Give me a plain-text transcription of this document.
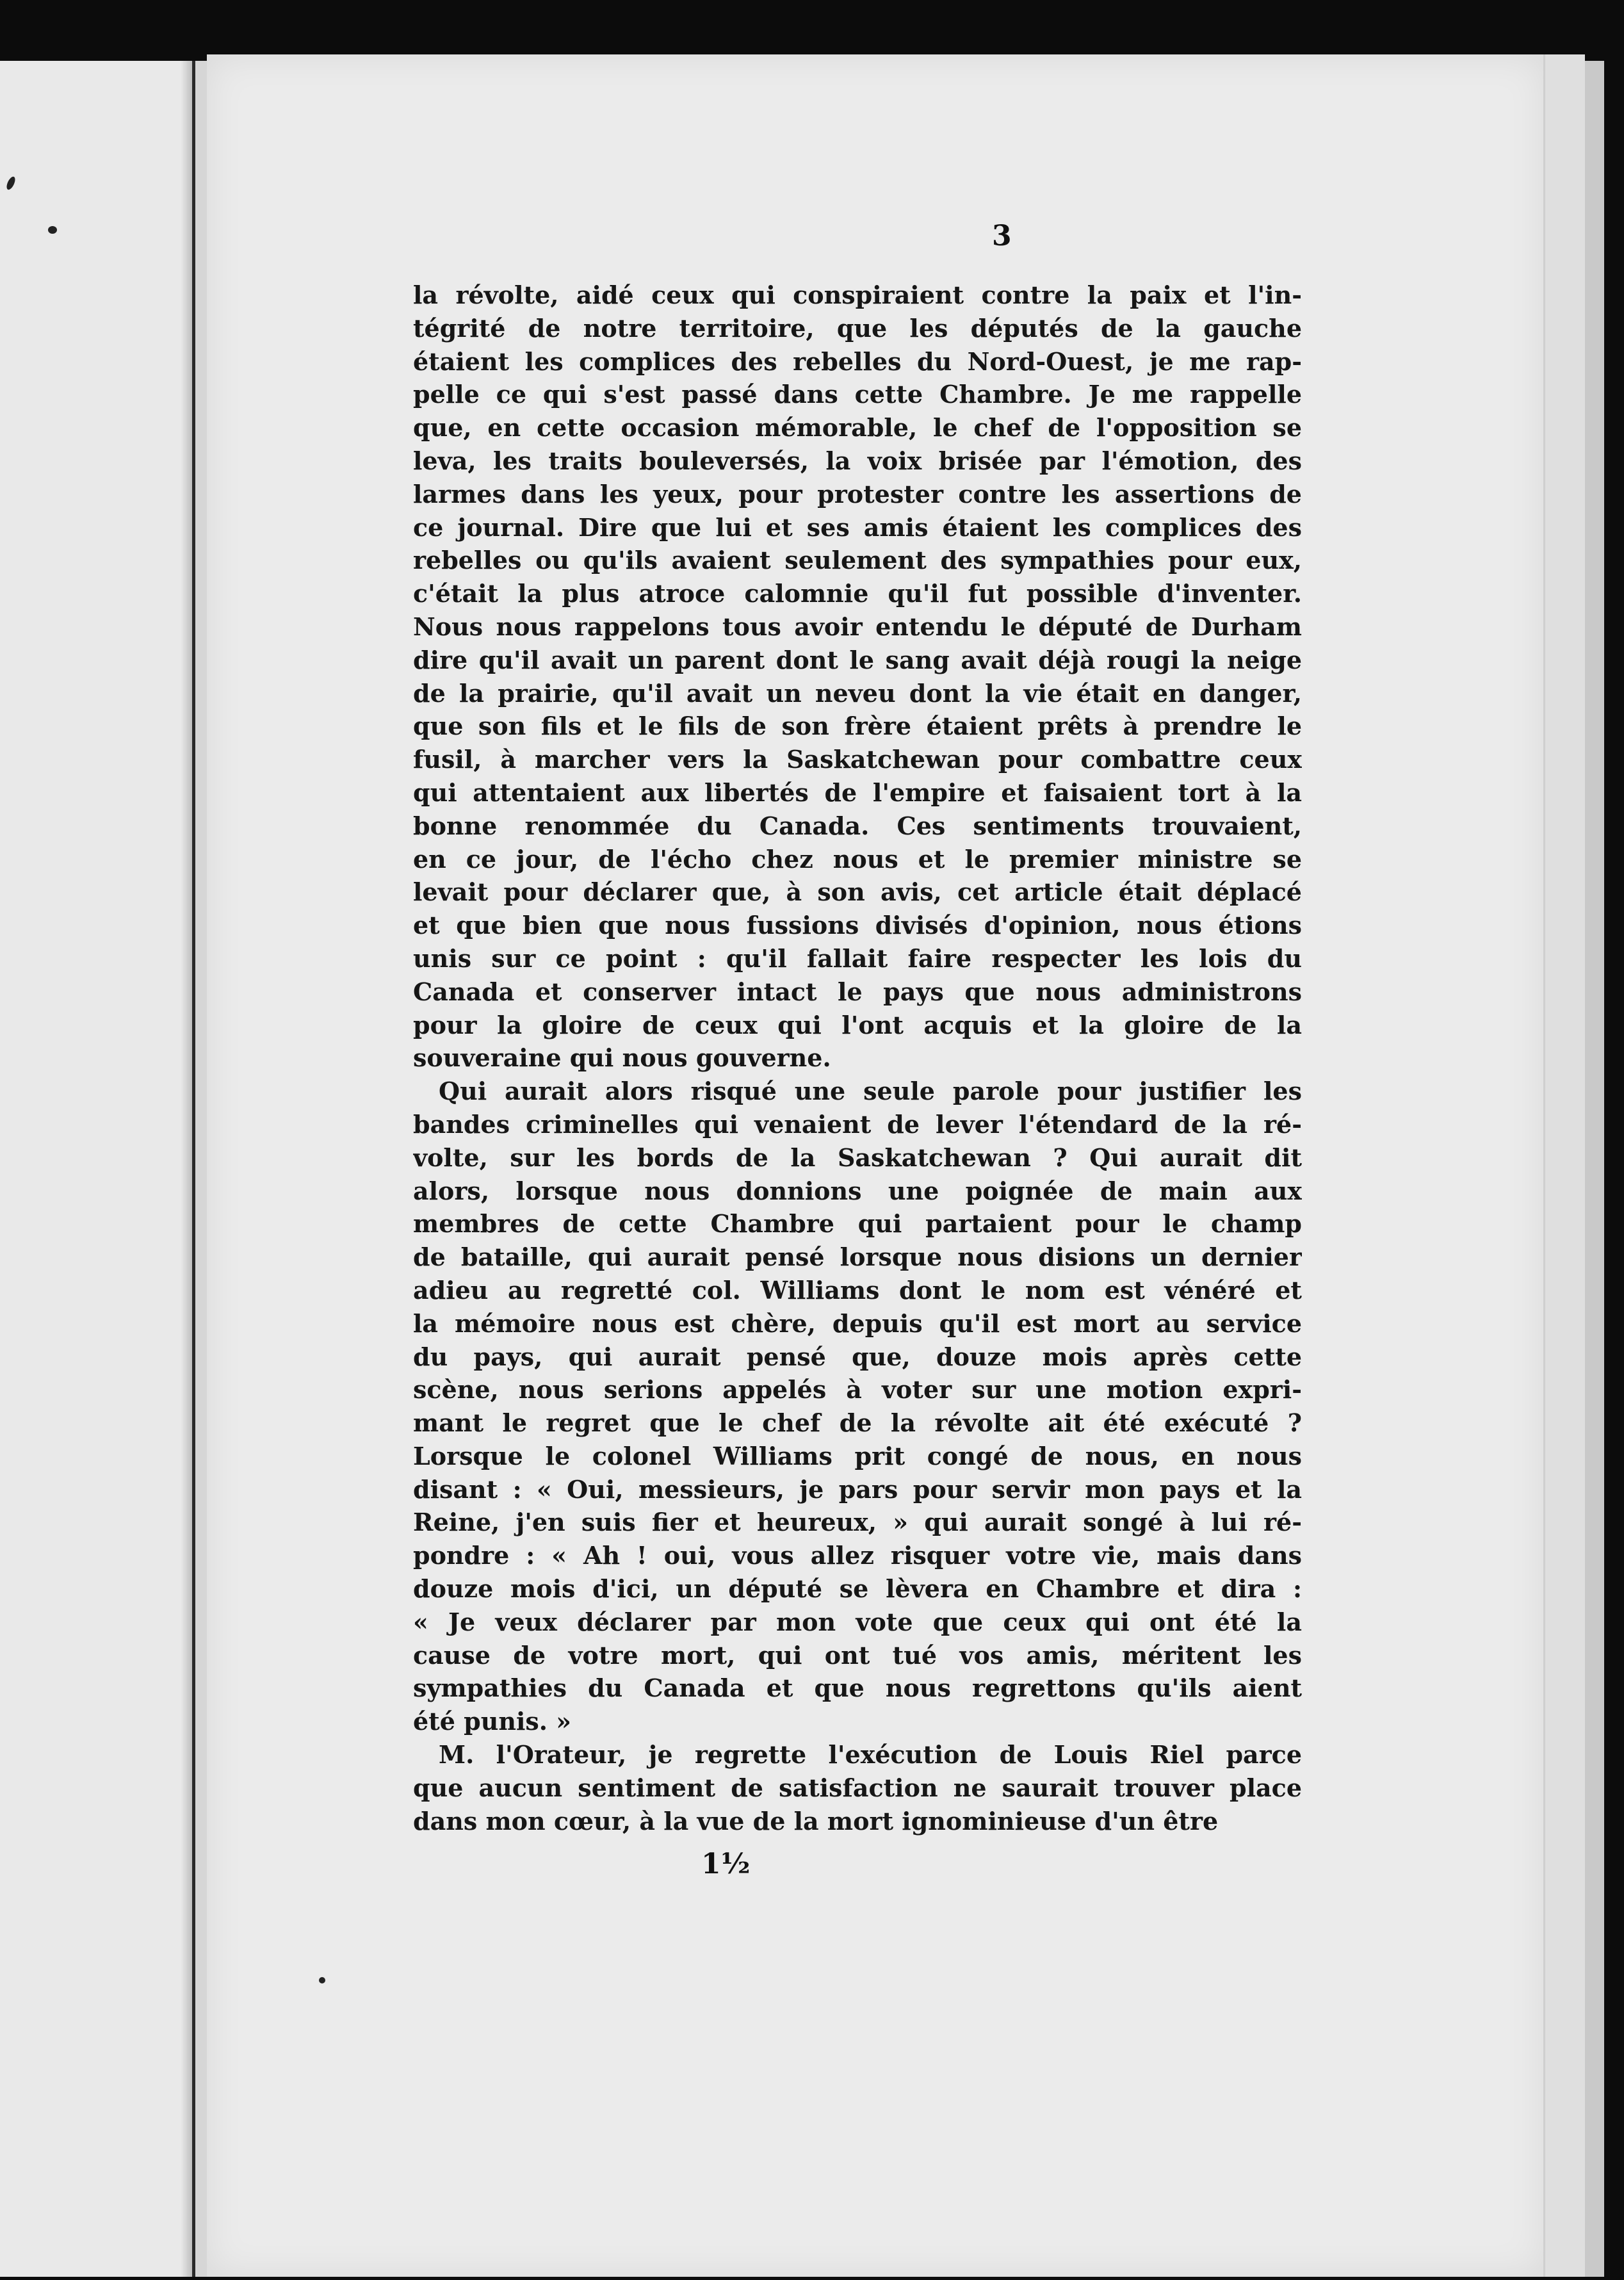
3
la révolte, aidé ceux qui conspiraient contre la paix et l'in-
tégrité de notre territoire, que les députés de la gauche
étaient les complices des rebelles du Nord-Ouest, je me rap-
pelle ce qui s'est passé dans cette Chambre. Je me rappelle
que, en cette occasion mémorable, le chef de l'opposition se
leva, les traits bouleversés, la voix brisée par l'émotion, des
larmes dans les yeux, pour protester contre les assertions de
ce journal. Dire que lui et ses amis étaient les complices des
rebelles ou qu'ils avaient seulement des sympathies pour eux,
c'était la plus atroce calomnie qu'il fut possible d'inventer.
Nous nous rappelons tous avoir entendu le député de Durham
dire qu'il avait un parent dont le sang avait déjà rougi la neige
de la prairie, qu'il avait un neveu dont la vie était en danger,
que son fils et le fils de son frère étaient prêts à prendre le
fusil, à marcher vers la Saskatchewan pour combattre ceux
qui attentaient aux libertés de l'empire et faisaient tort à la
bonne renommée du Canada. Ces sentiments trouvaient,
en ce jour, de l'écho chez nous et le premier ministre se
levait pour déclarer que, à son avis, cet article était déplacé
et que bien que nous fussions divisés d'opinion, nous étions
unis sur ce point : qu'il fallait faire respecter les lois du
Canada et conserver intact le pays que nous administrons
pour la gloire de ceux qui l'ont acquis et la gloire de la
souveraine qui nous gouverne.
Qui aurait alors risqué une seule parole pour justifier les
bandes criminelles qui venaient de lever l'étendard de la ré-
volte, sur les bords de la Saskatchewan ? Qui aurait dit
alors, lorsque nous donnions une poignée de main aux
membres de cette Chambre qui partaient pour le champ
de bataille, qui aurait pensé lorsque nous disions un dernier
adieu au regretté col. Williams dont le nom est vénéré et
la mémoire nous est chère, depuis qu'il est mort au service
du pays, qui aurait pensé que, douze mois après cette
scène, nous serions appelés à voter sur une motion expri-
mant le regret que le chef de la révolte ait été exécuté ?
Lorsque le colonel Williams prit congé de nous, en nous
disant : « Oui, messieurs, je pars pour servir mon pays et la
Reine, j'en suis fier et heureux, » qui aurait songé à lui ré-
pondre : « Ah ! oui, vous allez risquer votre vie, mais dans
douze mois d'ici, un député se lèvera en Chambre et dira :
« Je veux déclarer par mon vote que ceux qui ont été la
cause de votre mort, qui ont tué vos amis, méritent les
sympathies du Canada et que nous regrettons qu'ils aient
été punis. »
M. l'Orateur, je regrette l'exécution de Louis Riel parce
que aucun sentiment de satisfaction ne saurait trouver place
dans mon cœur, à la vue de la mort ignominieuse d'un être
1½
